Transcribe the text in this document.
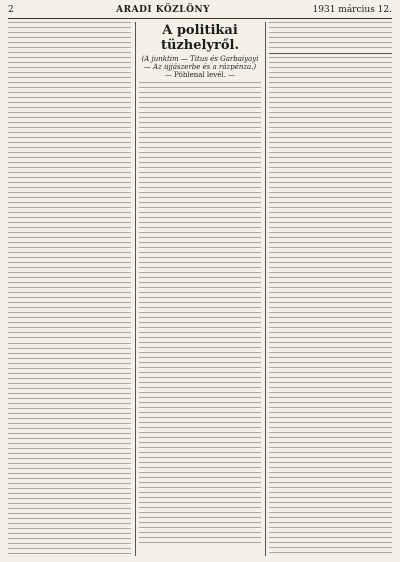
2	ARADI KÖZLÖNY	1931 március 12.
A politikai tüzhelyről.
(A junktim — Titus és Garbaiyayi — Az ujjászerbe és a rázpénza.)
— Pöhlenal levél. —
